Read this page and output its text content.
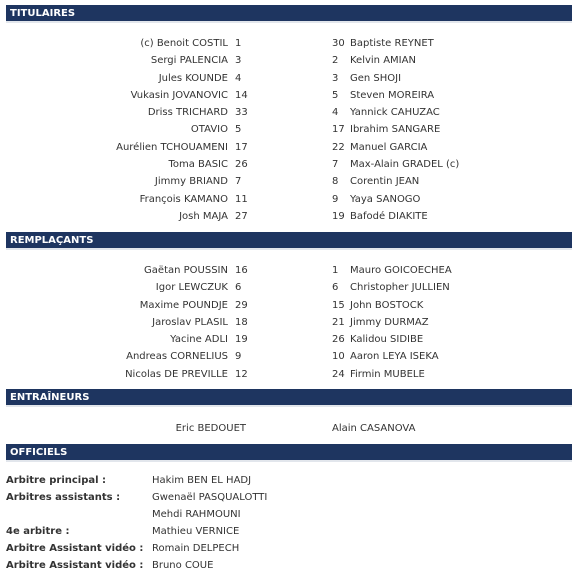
TITULAIRES
(c) Benoit COSTIL 1	30 Baptiste REYNET
Sergi PALENCIA 3	2	Kelvin AMIAN
Jules KOUNDE 4	3	Gen SHOJI
Vukasin JOVANOVIC 14	5	Steven MOREIRA
Driss TRICHARD 33	4	Yannick CAHUZAC
OTAVIO 5	17 Ibrahim SANGARE
Aurélien TCHOUAMENI 17	22 Manuel GARCIA
Toma BASIC 26	7	Max-Alain GRADEL (c)
Jimmy BRIAND 7	8	Corentin JEAN
François KAMANO 11	9	Yaya SANOGO
Josh MAJA 27	19 Bafodé DIAKITE
REMPLAÇANTS
Gaëtan POUSSIN 16	1	Mauro GOICOECHEA
Igor LEWCZUK 6	6	Christopher JULLIEN
Maxime POUNDJE 29	15 John BOSTOCK
Jaroslav PLASIL 18	21 Jimmy DURMAZ
Yacine ADLI 19	26 Kalidou SIDIBE
Andreas CORNELIUS 9	10 Aaron LEYA ISEKA
Nicolas DE PREVILLE 12	24 Firmin MUBELE
ENTRAÎNEURS
Eric BEDOUET	Alain CASANOVA
OFFICIELS
Arbitre principal :	Hakim BEN EL HADJ
Arbitres assistants :	Gwenaël PASQUALOTTI
Mehdi RAHMOUNI
4e arbitre :	Mathieu VERNICE
Arbitre Assistant vidéo : Romain DELPECH
Arbitre Assistant vidéo : Bruno COUE
